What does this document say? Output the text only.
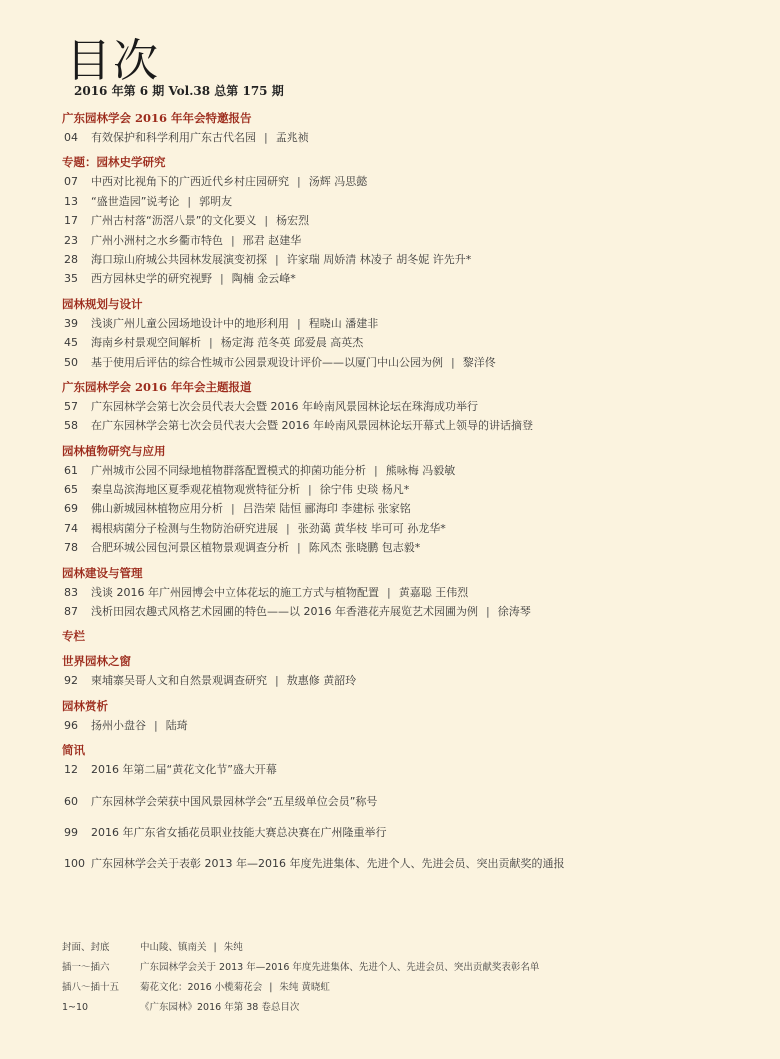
目次
2016 年第 6 期 Vol.38 总第 175 期
广东园林学会 2016 年年会特邀报告
04 有效保护和科学利用广东古代名园 | 孟兆祯
专题：园林史学研究
07 中西对比视角下的广西近代乡村庄园研究 | 汤辉 冯思懿
13 “盛世造园”说考论 | 郭明友
17 广州古村落“沥滘八景”的文化要义 | 杨宏烈
23 广州小洲村之水乡衢市特色 | 邢君 赵建华
28 海口琼山府城公共园林发展演变初探 | 许家瑞 周娇清 林凌子 胡冬妮 许先升*
35 西方园林史学的研究视野 | 陶楠 金云峰*
园林规划与设计
39 浅谈广州儿童公园场地设计中的地形利用 | 程晓山 潘建非
45 海南乡村景观空间解析 | 杨定海 范冬英 邱爱晨 高英杰
50 基于使用后评估的综合性城市公园景观设计评价——以厦门中山公园为例 | 黎洋佟
广东园林学会 2016 年年会主题报道
57 广东园林学会第七次会员代表大会暨 2016 年岭南风景园林论坛在珠海成功举行
58 在广东园林学会第七次会员代表大会暨 2016 年岭南风景园林论坛开幕式上领导的讲话摘登
园林植物研究与应用
61 广州城市公园不同绿地植物群落配置模式的抑菌功能分析 | 熊咏梅 冯毅敏
65 秦皇岛滨海地区夏季观花植物观赏特征分析 | 徐宁伟 史琰 杨凡*
69 佛山新城园林植物应用分析 | 吕浩荣 陆恒 郦海印 李建标 张家铭
74 褐根病菌分子检测与生物防治研究进展 | 张劲蔼 黄华枝 毕可可 孙龙华*
78 合肥环城公园包河景区植物景观调查分析 | 陈风杰 张晓鹏 包志毅*
园林建设与管理
83 浅谈 2016 年广州园博会中立体花坛的施工方式与植物配置 | 黄嘉聪 王伟烈
87 浅析田园农趣式风格艺术园圃的特色——以 2016 年香港花卉展览艺术园圃为例 | 徐涛琴
专栏
世界园林之窗
92 柬埔寨吴哥人文和自然景观调查研究 | 敖惠修 黄韶玲
园林赏析
96 扬州小盘谷 | 陆琦
简讯
12 2016 年第二届“黄花文化节”盛大开幕
60 广东园林学会荣获中国风景园林学会“五星级单位会员”称号
99 2016 年广东省女插花员职业技能大赛总决赛在广州隆重举行
100 广东园林学会关于表彰 2013 年—2016 年度先进集体、先进个人、先进会员、突出贡献奖的通报
封面、封底	中山陵、镇南关 | 朱纯
插一～插六	广东园林学会关于 2013 年—2016 年度先进集体、先进个人、先进会员、突出贡献奖表彰名单
插八～插十五 菊花文化：2016 小榄菊花会 | 朱纯 黄晓虹
1~10	《广东园林》2016 年第 38 卷总目次
